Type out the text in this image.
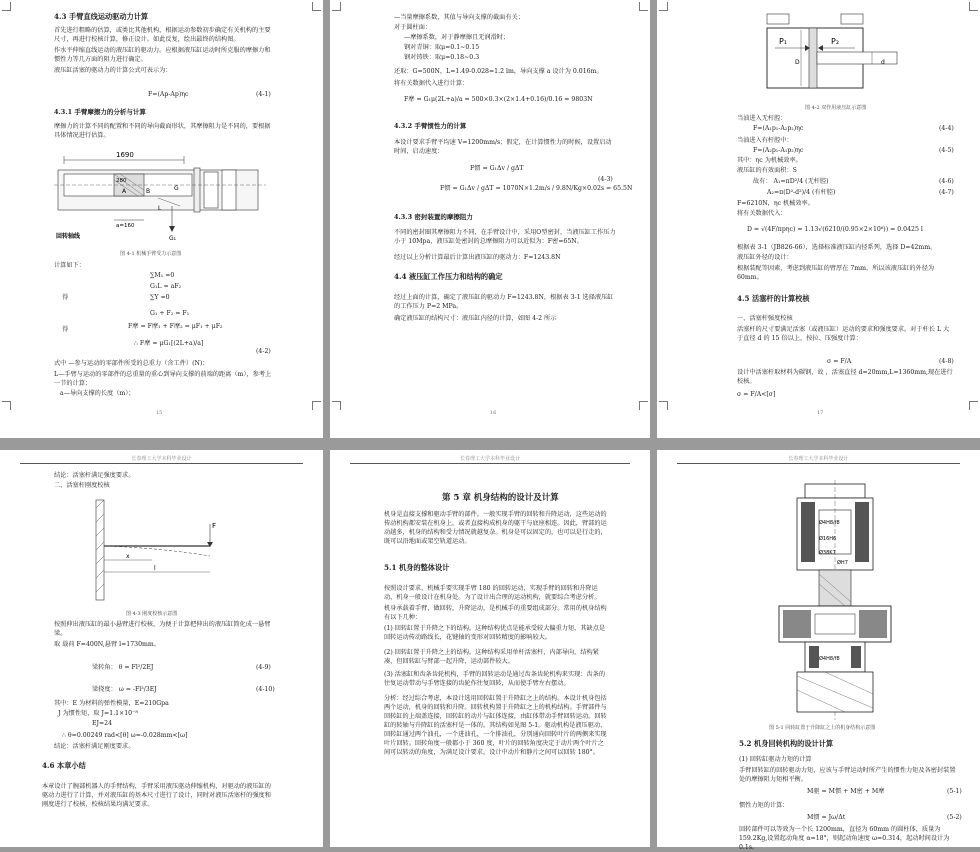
4.3 手臂直线运动驱动力计算
首先进行粗略的估算，或类比其他机构，根据运动参数初步确定有关机构的主要尺寸，再进行校核计算，修正设计。如此反复，绘出最终的结构图。
作水平伸缩直线运动的液压缸的驱动力。应根据液压缸运动时所克服的摩擦力和惯性力等几方面的阻力进行确定。
液压缸活塞的驱动力的计算公式可表示为：
F=(Ap-Ap)ηc	(4-1)
4.3.1 手臂摩擦力的分析与计算
摩擦力的计算不同的配置和不同的导向截面形状，其摩擦阻力是不同的，要根据具体情况进行估算。
1690
280
A	B
L
G
a=160
G₁
回转轴线
图 4-1 机械手臂受力示意图
计算如下：
∑M₁ =0
G₁L = aF₂
∑Y =0
得
G₁ + F₂ = F₁
得	F摩 = F摩₁ + F摩₂ = μF₁ + μF₂
∴ F摩 = μG₁[(2L+a)/a]
(4-2)
式中 —参与运动的零部件所受的总重力（含工件）(N)；
L—手臂与运动的零部件的总重量的重心到导向支撑的前端的距离（m），参考上一节的计算；
a—导向支撑的长度（m）；
15
—当量摩擦系数，其值与导向支撑的截面有关；
对于圆柱面：
—摩擦系数，对于静摩擦且无润滑时；
钢对青铜：取μ=0.1~0.15
钢对铸铁：取μ=0.18~0.3
还取：G=500N，L=1.49-0.028=1.2 lm，导向支撑 a 设计为 0.016m。
将有关数据代入进行计算：
F摩 = G₁μ(2L+a)/a = 500×0.3×(2×1.4+0.16)/0.16 = 9803N
4.3.2 手臂惯性力的计算
本设计要求手臂平均速 V=1200mm/s；假定，在计算惯性力的时候，设置启动时间，启动速度：
F惯 = G₁Δv / gΔT
F惯 = G₁Δv / gΔT = 1070N×1.2m/s / 9.8N/Kg×0.02s = 65.5N
(4-3)
4.3.3 密封装置的摩擦阻力
不同的密封圈其摩擦阻力不同，在手臂设计中，采用O型密封，当液压缸工作压力小于 10Mpa，液压缸处密封的总摩擦阻力可以近似为：F密=65N。
经过以上分析计算最后计算出液压缸的驱动力：F=1243.8N
4.4 液压缸工作压力和结构的确定
经过上面的计算，确定了液压缸的驱动力 F=1243.8N，根据表 3-1 选择液压缸的工作压力 P=2 MPa。
确定液压缸的结构尺寸：液压缸内径的计算，如图 4-2 所示
16
P₁	P₂
d
D
图 4-2 双作用液压缸示意图
当油进入无杆腔：
F=(A₁p₁-A₂p₂)ηc	(4-4)
当油进入有杆腔中：
F=(A₂p₁-A₁p₂)ηc	(4-5)
其中：ηc 为机械效率。
液压缸的有效面积：S
故有： A₁=πD²/4 (无杆腔)	(4-6)
A₂=π(D²-d²)/4 (有杆腔)	(4-7)
F=6210N，ηc 机械效率。
将有关数据代入：
D = √(4F/πpηc) = 1.13√(6210/(0.95×2×10⁶)) = 0.0425 l
根据表 3-1（JB826-66），选择标准液压缸内径系列，选择 D=42mm。
液压缸外径的设计：
根据装配等因素，考虑到液压缸的臂厚在 7mm，所以该液压缸的外径为 60mm。
4.5 活塞杆的计算校核
一、活塞杆强度校核
活塞杆的尺寸要满足活塞（或液压缸）运动的要求和强度要求。对于杆长 L 大于直径 d 的 15 倍以上，按拉、压强度计算：
σ = F/A	(4-8)
设计中活塞杆取材料为碳钢，故 ，活塞直径 d=20mm,L=1360mm,现在进行校核。
σ = F/A<[σ]
17
长春理工大学本科毕业设计
结论：活塞杆满足强度要求。
二、活塞杆刚度校核
F
x
l
图 4-3 刚度校核示意图
按照伸出液压缸的最小悬臂进行校核，为便于计算把伸出的液压缸简化成一悬臂梁。
取 载荷 F=400N,悬臂 l=1730mm。
梁转角： θ = Fl²/2EJ	(4-9)
梁挠度： ω = -Fl³/3EJ	(4-10)
其中：E 为材料的弹性模量，E=210Gpa
J 为惯性矩，取 J=1.1×10⁻⁸
EJ=24
∴ θ=0.00249 rad<[θ] ω=-0.028mm<[ω]
结论：活塞杆满足刚度要求。
4.6 本章小结
本章设计了腕部机器人的手臂结构，手臂采用液压驱动伸缩机构，对驱动的液压缸的驱动力进行了计算，并对液压缸的基本尺寸进行了设计，同时对液压活塞杆的强度和刚度进行了校核，校核结果均满足要求。
长春理工大学本科毕业设计
第 5 章 机身结构的设计及计算
机身是直接支撑和驱动手臂的部件。一般实现手臂的回转和升降运动，这些运动的传动机构都安装在机身上，或者直接构成机身的躯干与底座相连。因此，臂部的运动越多，机身的结构和受力情况就越复杂。机身是可以固定的，也可以是行走的，既可以沿地面或架空轨道运动。
5.1 机身的整体设计
按照设计要求，机械手要实现手臂 180 的回转运动，实现手臂的回转和升降运动，机身一般设计在机身处。为了设计出合理的运动机构，就要综合考虑分析。
机身承载着手臂，做回转，升降运动，是机械手的重要组成部分。常用的机身结构有以下几种：
(1) 回转缸置于升降之下的结构。这种结构优点是能承受较大偏重力矩，其缺点是回转运动传动路线长，花键轴的变形对回转精度的影响较大。
(2) 回转缸置于升降之上的结构。这种结构采用单杆活塞杆，内部导向，结构紧凑，但回转缸与臂部一起升降，运动部件较大。
(3) 活塞缸和齿条齿轮机构，手臂的回转运动是通过齿条齿轮机构来实现：齿条的往复运动带动与手臂连接的齿轮作往复回转，从而使手臂左右摆动。
分析：经过综合考虑，本设计选用回转缸置于升降缸之上的结构。本设计机身包括两个运动，机身的回转和升降。回转机构置于升降缸之上的机构结构。手臂部件与回转缸的上端盖连接，回转缸的动片与缸体连接，由缸体带动手臂回转运动。回转缸的转轴与升降缸的活塞杆是一体的。其结构如见图 5-1。驱动机构是液压驱动，回转缸通过两个油孔，一个进油孔，一个排油孔，分别通向回转叶片的两侧来实现叶片回转。回转角度一般都小于 360 度，叶片的回转角度决定于动片两个叶片之间可以转动的角度，为满足设计要求，设计中动片和静片之间可以回转 180°。
长春理工大学本科毕业设计
Ø4H8/f8
Ø16H6
Ø38K7
ØH7
Ø4H8/f8
图 5-1 回转缸置于升降缸之上的机身结构示意图
5.2 机身回转机构的设计计算
(1) 回转缸驱动力矩的计算
手臂回转缸的回转驱动力矩，应该与手臂运动时所产生的惯性力矩及各密封装置处的摩擦阻力矩相平衡。
M驱 = M惯 + M密 + M摩	(5-1)
惯性力矩的计算：
M惯 = Jω/Δt	(5-2)
回转部件可以等效为一个长 1200mm，直径为 60mm 的圆柱体，质量为 159.2Kg,设置起动角度 α=18°，则起动角速度 ω=0.314，起动时间设计为 0.1s。
